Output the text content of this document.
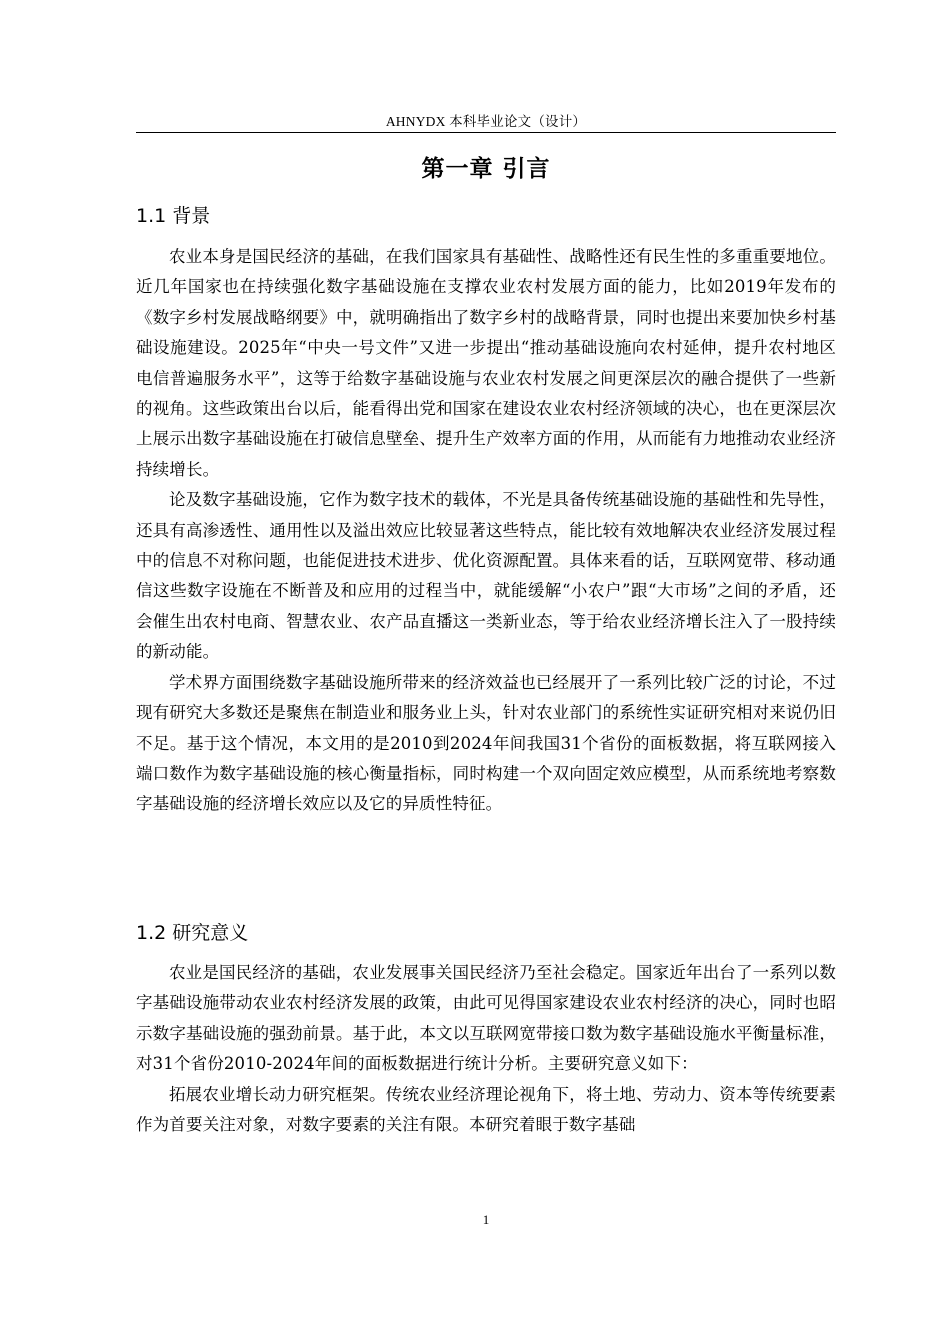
AHNYDX 本科毕业论文（设计）
第一章 引言
1.1 背景

农业本身是国民经济的基础，在我们国家具有基础性、战略性还有民生性的多重重要地位。近几年国家也在持续强化数字基础设施在支撑农业农村发展方面的能力，比如2019年发布的《数字乡村发展战略纲要》中，就明确指出了数字乡村的战略背景，同时也提出来要加快乡村基础设施建设。2025年“中央一号文件”又进一步提出“推动基础设施向农村延伸，提升农村地区电信普遍服务水平”，这等于给数字基础设施与农业农村发展之间更深层次的融合提供了一些新的视角。这些政策出台以后，能看得出党和国家在建设农业农村经济领域的决心，也在更深层次上展示出数字基础设施在打破信息壁垒、提升生产效率方面的作用，从而能有力地推动农业经济持续增长。

论及数字基础设施，它作为数字技术的载体，不光是具备传统基础设施的基础性和先导性，还具有高渗透性、通用性以及溢出效应比较显著这些特点，能比较有效地解决农业经济发展过程中的信息不对称问题，也能促进技术进步、优化资源配置。具体来看的话，互联网宽带、移动通信这些数字设施在不断普及和应用的过程当中，就能缓解“小农户”跟“大市场”之间的矛盾，还会催生出农村电商、智慧农业、农产品直播这一类新业态，等于给农业经济增长注入了一股持续的新动能。

学术界方面围绕数字基础设施所带来的经济效益也已经展开了一系列比较广泛的讨论，不过现有研究大多数还是聚焦在制造业和服务业上头，针对农业部门的系统性实证研究相对来说仍旧不足。基于这个情况，本文用的是2010到2024年间我国31个省份的面板数据，将互联网接入端口数作为数字基础设施的核心衡量指标，同时构建一个双向固定效应模型，从而系统地考察数字基础设施的经济增长效应以及它的异质性特征。

1.2 研究意义

农业是国民经济的基础，农业发展事关国民经济乃至社会稳定。国家近年出台了一系列以数字基础设施带动农业农村经济发展的政策，由此可见得国家建设农业农村经济的决心，同时也昭示数字基础设施的强劲前景。基于此，本文以互联网宽带接口数为数字基础设施水平衡量标准，对31个省份2010-2024年间的面板数据进行统计分析。主要研究意义如下：

拓展农业增长动力研究框架。传统农业经济理论视角下，将土地、劳动力、资本等传统要素作为首要关注对象，对数字要素的关注有限。本研究着眼于数字基础

1
